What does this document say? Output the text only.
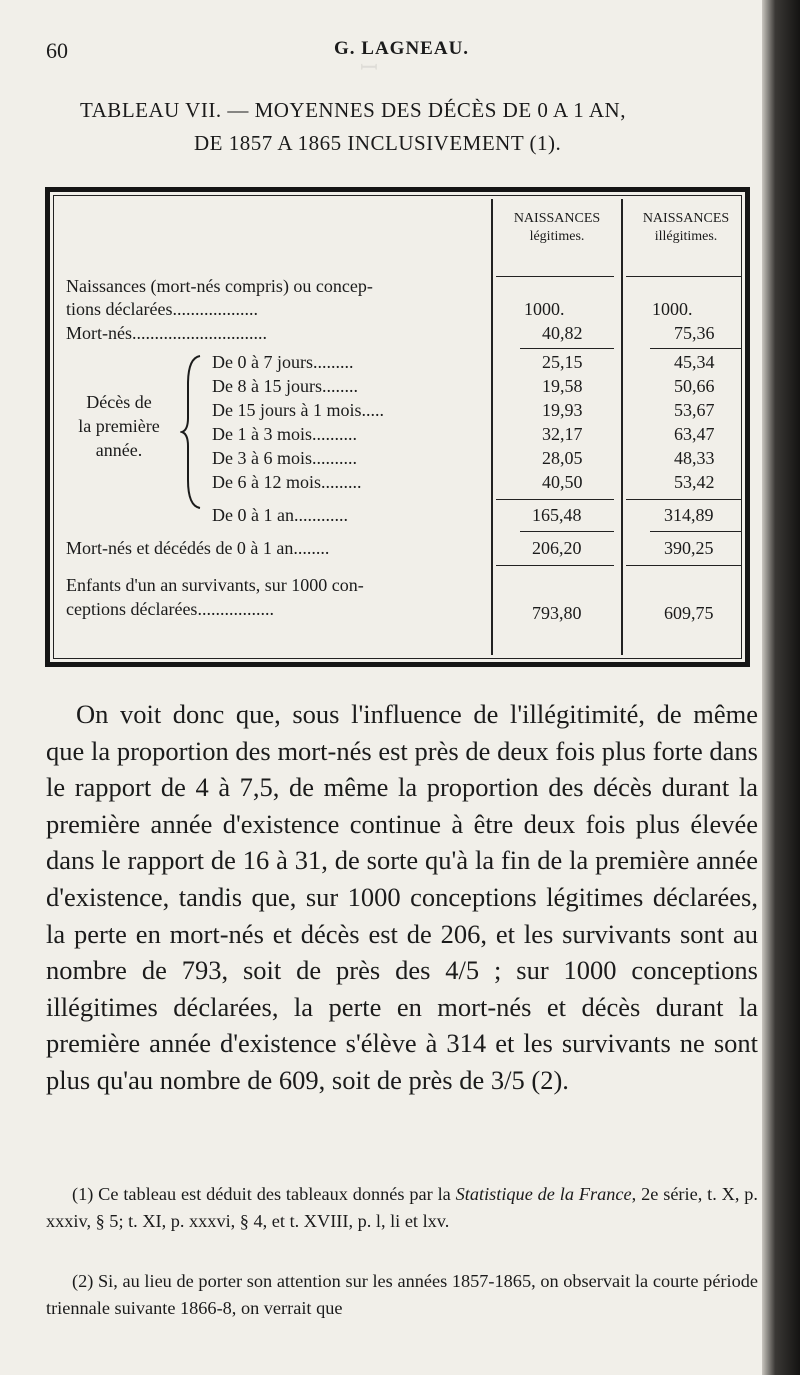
ꟷ
60	G. LAGNEAU.
TABLEAU VII. — MOYENNES DES DÉCÈS DE 0 A 1 AN,
DE 1857 A 1865 INCLUSIVEMENT (1).
NAISSANCES
légitimes.
NAISSANCES
illégitimes.
Naissances (mort-nés compris) ou concep-
tions déclarées...................	1000.	1000.
Mort-nés..............................	40,82	75,36
Décès de
la première
année.
De 0 à 7 jours.........	25,15	45,34
De 8 à 15 jours........	19,58	50,66
De 15 jours à 1 mois.....	19,93	53,67
De 1 à 3 mois..........	32,17	63,47
De 3 à 6 mois..........	28,05	48,33
De 6 à 12 mois.........	40,50	53,42
De 0 à 1 an............	165,48	314,89
Mort-nés et décédés de 0 à 1 an........	206,20	390,25
Enfants d'un an survivants, sur 1000 con-
ceptions déclarées.................	793,80	609,75

On voit donc que, sous l'influence de l'illégitimité, de même que la proportion des mort-nés est près de deux fois plus forte dans le rapport de 4 à 7,5, de même la proportion des décès durant la première année d'existence continue à être deux fois plus élevée dans le rapport de 16 à 31, de sorte qu'à la fin de la première année d'existence, tandis que, sur 1000 conceptions légitimes déclarées, la perte en mort-nés et décès est de 206, et les survivants sont au nombre de 793, soit de près des 4/5 ; sur 1000 conceptions illégitimes déclarées, la perte en mort-nés et décès durant la première année d'existence s'élève à 314 et les survivants ne sont plus qu'au nombre de 609, soit de près de 3/5 (2).

(1) Ce tableau est déduit des tableaux donnés par la Statistique de la France, 2e série, t. X, p. xxxiv, § 5; t. XI, p. xxxvi, § 4, et t. XVIII, p. l, li et lxv.

(2) Si, au lieu de porter son attention sur les années 1857-1865, on observait la courte période triennale suivante 1866-8, on verrait que
